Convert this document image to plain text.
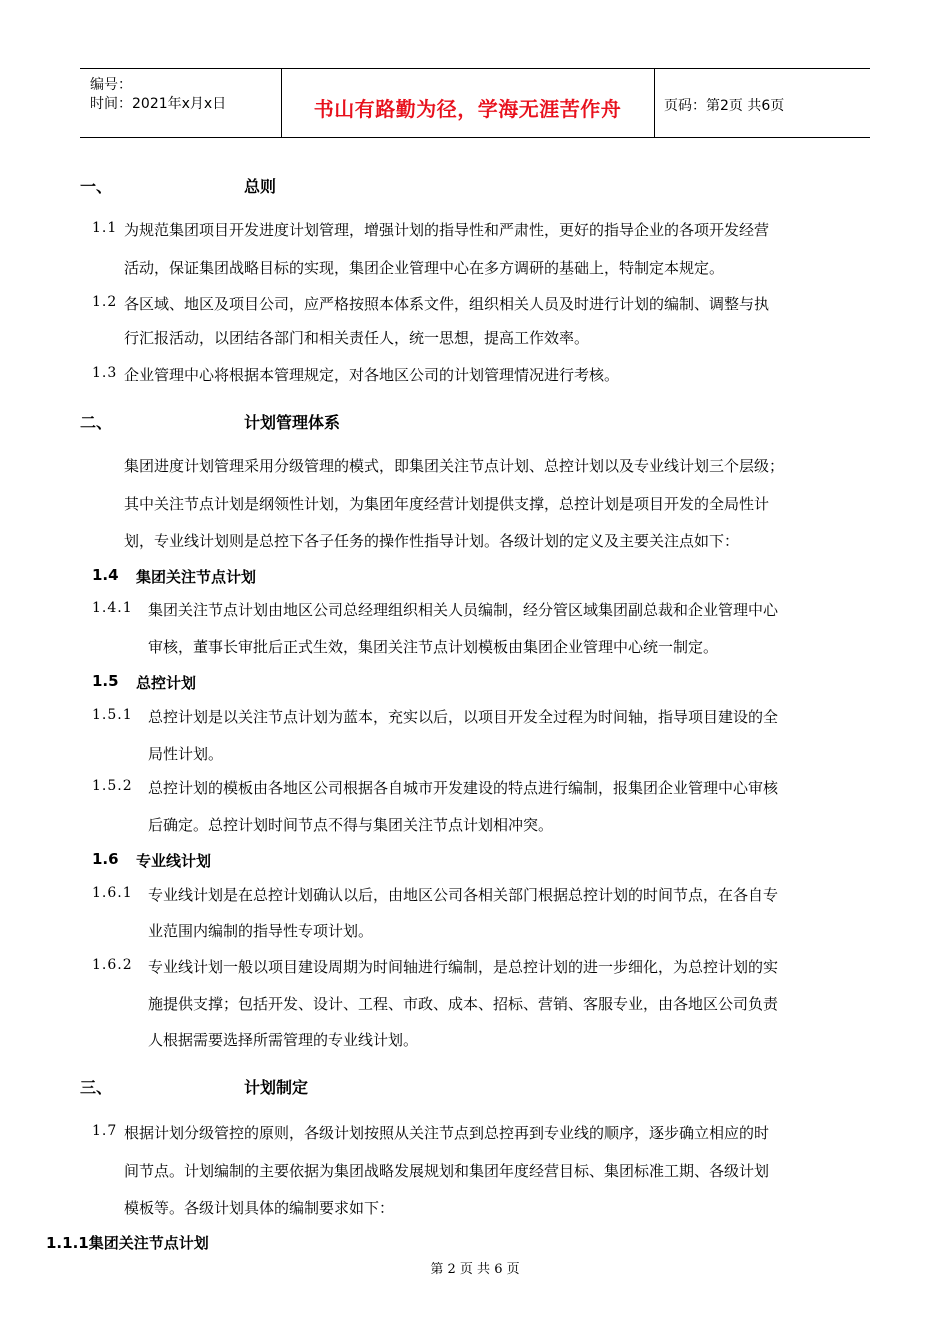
编号：
时间：2021年x月x日	书山有路勤为径，学海无涯苦作舟	页码：第2页 共6页
一、	总则
1.1 为规范集团项目开发进度计划管理，增强计划的指导性和严肃性，更好的指导企业的各项开发经营
活动，保证集团战略目标的实现，集团企业管理中心在多方调研的基础上，特制定本规定。
1.2 各区域、地区及项目公司，应严格按照本体系文件，组织相关人员及时进行计划的编制、调整与执
行汇报活动，以团结各部门和相关责任人，统一思想，提高工作效率。
1.3 企业管理中心将根据本管理规定，对各地区公司的计划管理情况进行考核。
二、	计划管理体系
集团进度计划管理采用分级管理的模式，即集团关注节点计划、总控计划以及专业线计划三个层级；
其中关注节点计划是纲领性计划，为集团年度经营计划提供支撑，总控计划是项目开发的全局性计
划，专业线计划则是总控下各子任务的操作性指导计划。各级计划的定义及主要关注点如下：
1.4 集团关注节点计划
1.4.1 集团关注节点计划由地区公司总经理组织相关人员编制，经分管区域集团副总裁和企业管理中心
审核，董事长审批后正式生效，集团关注节点计划模板由集团企业管理中心统一制定。
1.5 总控计划
1.5.1 总控计划是以关注节点计划为蓝本，充实以后，以项目开发全过程为时间轴，指导项目建设的全
局性计划。
1.5.2 总控计划的模板由各地区公司根据各自城市开发建设的特点进行编制，报集团企业管理中心审核
后确定。总控计划时间节点不得与集团关注节点计划相冲突。
1.6 专业线计划
1.6.1 专业线计划是在总控计划确认以后，由地区公司各相关部门根据总控计划的时间节点，在各自专
业范围内编制的指导性专项计划。
1.6.2 专业线计划一般以项目建设周期为时间轴进行编制，是总控计划的进一步细化，为总控计划的实
施提供支撑；包括开发、设计、工程、市政、成本、招标、营销、客服专业，由各地区公司负责
人根据需要选择所需管理的专业线计划。
三、	计划制定
1.7 根据计划分级管控的原则，各级计划按照从关注节点到总控再到专业线的顺序，逐步确立相应的时
间节点。计划编制的主要依据为集团战略发展规划和集团年度经营目标、集团标准工期、各级计划
模板等。各级计划具体的编制要求如下：
1.1.1集团关注节点计划
第 2 页 共 6 页
